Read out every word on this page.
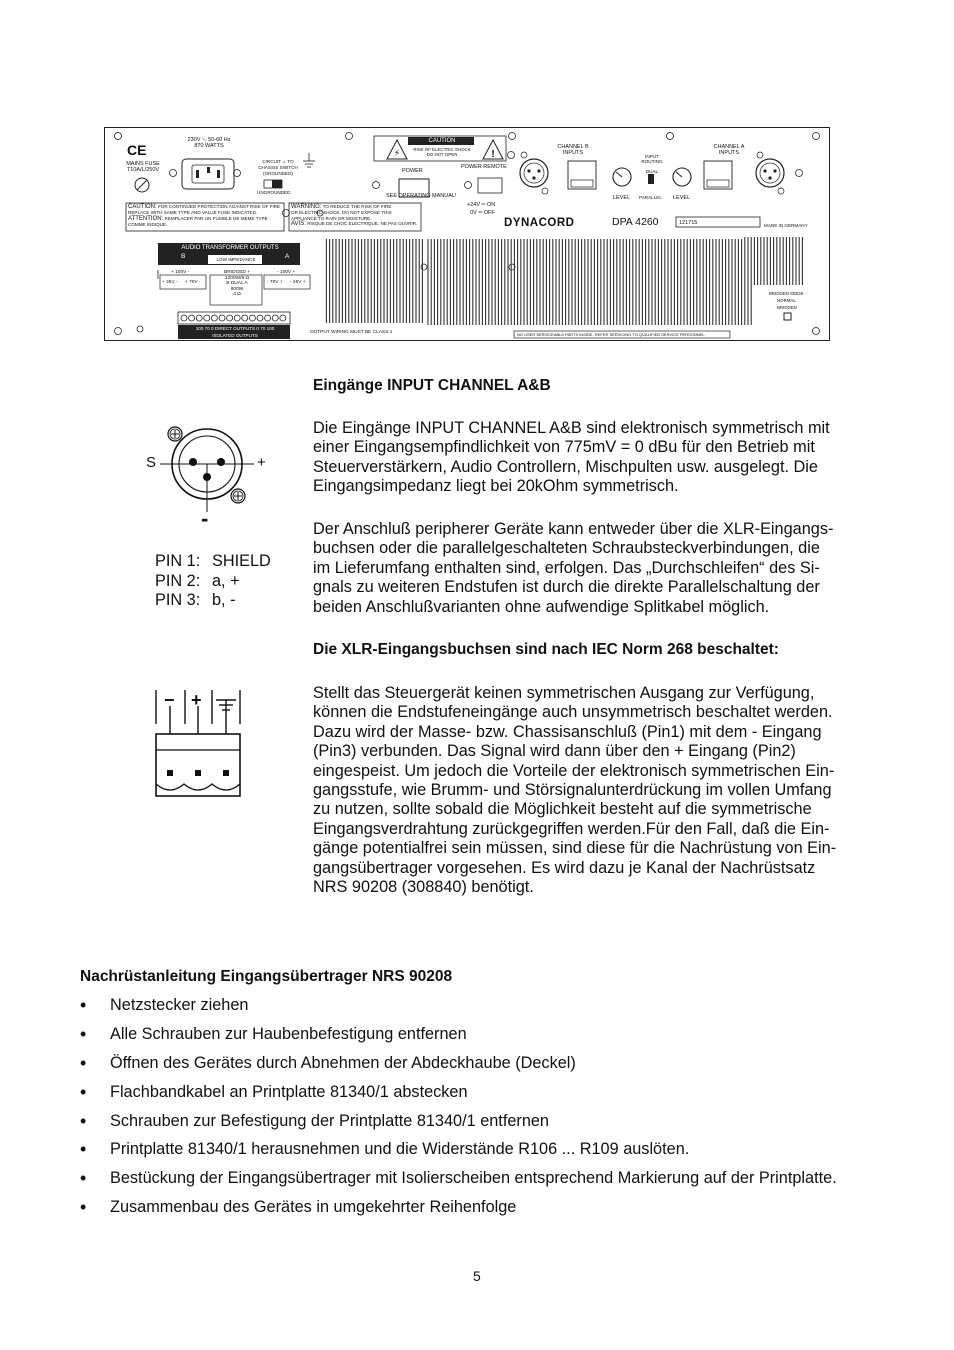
⚡	!
230V ~, 50-60 Hz
870 WATTS
CE
MAINS FUSE
T10A/L/250V
CIRCUIT ⊥ TO
CHASSIS SWITCH
(GROUNDED)
UNGROUNDED
CAUTION
RISK OF ELECTRIC SHOCK
DO NOT OPEN
POWER
SEE OPERATING MANUAL!
POWER REMOTE
+24V ═ ON
0V ═ OFF
CHANNEL B
INPUTS
CHANNEL A
INPUTS
INPUT
ROUTING
DUAL
PARALLEL
LEVEL	LEVEL
DYNACORD	DPA 4260	121715	MADE IN GERMANY
CAUTION: FOR CONTINUED PROTECTION AGAINST RISK OF FIRE
REPLACE WITH SAME TYPE AND VALUE FUSE INDICATED.
ATTENTION: REMPLACER PAR UN FUSIBLE DE MEME TYPE
COMME INDIQUE.
WARNING: TO REDUCE THE RISK OF FIRE
OR ELECTRIC SHOCK, DO NOT EXPOSE THIS
APPLIANCE TO RAIN OR MOISTURE.
AVIS: RISQUE DE CHOC ELECTRIQUE, NE PAS OUVRIR.
AUDIO TRANSFORMER OUTPUTS
B	A
LOW IMPEDANCE
+ 100V -
+ 25V - + 70V -
BRIDGED +
1200W/8 Ω
B DUAL A
600W
4 Ω
- 100V +
- 70V + - 25V +
100 70 0 DIRECT OUTPUTS 0 70 100
ISOLATED OUTPUTS	OUTPUT WIRING MUST BE CLASS 1	NO USER SERVICEABLE PARTS INSIDE. REFER SERVICING TO QUALIFIED SERVICE PERSONNEL.
BRIDGED MODE
NORMAL
BRIDGED
Eingänge INPUT CHANNEL A&B
Die Eingänge INPUT CHANNEL A&B sind elektronisch symmetrisch mit
einer Eingangsempfindlichkeit von 775mV = 0 dBu für den Betrieb mit
Steuerverstärkern, Audio Controllern, Mischpulten usw. ausgelegt. Die
Eingangsimpedanz liegt bei 20kOhm symmetrisch.
Der Anschluß peripherer Geräte kann entweder über die XLR-Eingangs-
buchsen oder die parallelgeschalteten Schraubsteckverbindungen, die
im Lieferumfang enthalten sind, erfolgen. Das „Durchschleifen“ des Si-
gnals zu weiteren Endstufen ist durch die direkte Parallelschaltung der
beiden Anschlußvarianten ohne aufwendige Splitkabel möglich.
Die XLR-Eingangsbuchsen sind nach IEC Norm 268 beschaltet:
Stellt das Steuergerät keinen symmetrischen Ausgang zur Verfügung,
können die Endstufeneingänge auch unsymmetrisch beschaltet werden.
Dazu wird der Masse- bzw. Chassisanschluß (Pin1) mit dem - Eingang
(Pin3) verbunden. Das Signal wird dann über den + Eingang (Pin2)
eingespeist. Um jedoch die Vorteile der elektronisch symmetrischen Ein-
gangsstufe, wie Brumm- und Störsignalunterdrückung im vollen Umfang
zu nutzen, sollte sobald die Möglichkeit besteht auf die symmetrische
Eingangsverdrahtung zurückgegriffen werden.Für den Fall, daß die Ein-
gänge potentialfrei sein müssen, sind diese für die Nachrüstung von Ein-
gangsübertrager vorgesehen. Es wird dazu je Kanal der Nachrüstsatz
NRS 90208 (308840) benötigt.
S	+
-
PIN 1: SHIELD
PIN 2: a, +
PIN 3: b, -
− +
Nachrüstanleitung Eingangsübertrager NRS 90208
• Netzstecker ziehen
• Alle Schrauben zur Haubenbefestigung entfernen
• Öffnen des Gerätes durch Abnehmen der Abdeckhaube (Deckel)
• Flachbandkabel an Printplatte 81340/1 abstecken
• Schrauben zur Befestigung der Printplatte 81340/1 entfernen
• Printplatte 81340/1 herausnehmen und die Widerstände R106 ... R109 auslöten.
• Bestückung der Eingangsübertrager mit Isolierscheiben entsprechend Markierung auf der Printplatte.
• Zusammenbau des Gerätes in umgekehrter Reihenfolge
5
